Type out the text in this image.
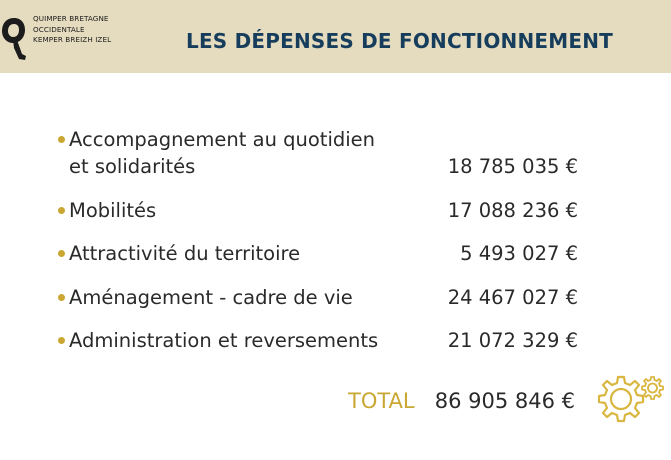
QUIMPER BRETAGNE
OCCIDENTALE
KEMPER BREIZH IZEL	LES DÉPENSES DE FONCTIONNEMENT
Accompagnement au quotidien
et solidarités	18 785 035 €
Mobilités	17 088 236 €
Attractivité du territoire	5 493 027 €
Aménagement - cadre de vie	24 467 027 €
Administration et reversements	21 072 329 €
TOTAL 86 905 846 €
